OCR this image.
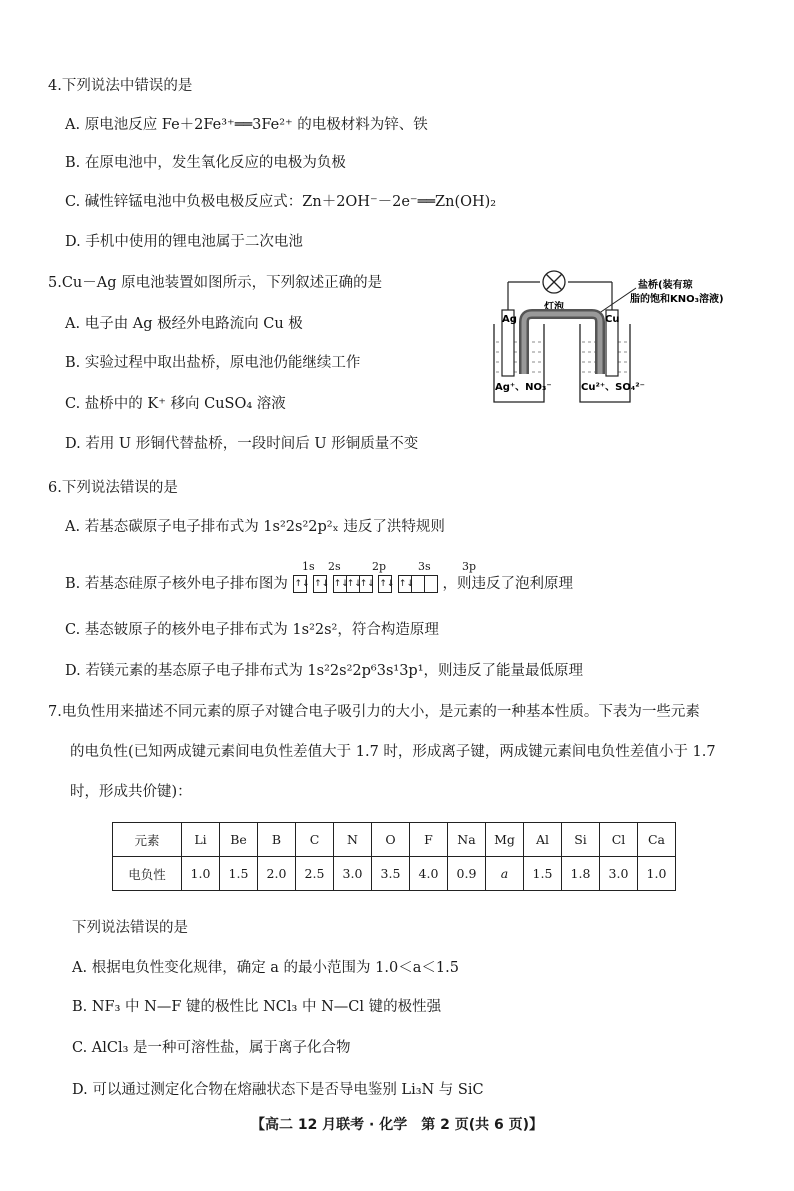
4.下列说法中错误的是
A. 原电池反应 Fe＋2Fe³⁺══3Fe²⁺ 的电极材料为锌、铁
B. 在原电池中，发生氧化反应的电极为负极
C. 碱性锌锰电池中负极电极反应式：Zn＋2OH⁻－2e⁻══Zn(OH)₂
D. 手机中使用的锂电池属于二次电池
5.Cu－Ag 原电池装置如图所示，下列叙述正确的是
A. 电子由 Ag 极经外电路流向 Cu 极
B. 实验过程中取出盐桥，原电池仍能继续工作
C. 盐桥中的 K⁺ 移向 CuSO₄ 溶液
D. 若用 U 形铜代替盐桥，一段时间后 U 形铜质量不变
灯泡
盐桥(装有琼
脂的饱和KNO₃溶液)
Ag	Cu
Ag⁺、NO₃⁻	Cu²⁺、SO₄²⁻
6.下列说法错误的是
A. 若基态碳原子电子排布式为 1s²2s²2p²ₓ 违反了洪特规则
1s 2s	2p	3s	3p
B. 若基态硅原子核外电子排布图为 ↑↓
↑↓
↑↓
↑↓
↑↓
↑↓
↑↓ ，则违反了泡利原理
C. 基态铍原子的核外电子排布式为 1s²2s²，符合构造原理
D. 若镁元素的基态原子电子排布式为 1s²2s²2p⁶3s¹3p¹，则违反了能量最低原理
7.电负性用来描述不同元素的原子对键合电子吸引力的大小，是元素的一种基本性质。下表为一些元素
的电负性(已知两成键元素间电负性差值大于 1.7 时，形成离子键，两成键元素间电负性差值小于 1.7
时，形成共价键)：
元素	Li	Be	B	C	N	O	F	Na	Mg	Al	Si	Cl	Ca
电负性	1.0	1.5	2.0	2.5	3.0	3.5	4.0	0.9	a	1.5	1.8	3.0	1.0
下列说法错误的是
A. 根据电负性变化规律，确定 a 的最小范围为 1.0＜a＜1.5
B. NF₃ 中 N—F 键的极性比 NCl₃ 中 N—Cl 键的极性强
C. AlCl₃ 是一种可溶性盐，属于离子化合物
D. 可以通过测定化合物在熔融状态下是否导电鉴别 Li₃N 与 SiC
【高二 12 月联考 · 化学　第 2 页(共 6 页)】
